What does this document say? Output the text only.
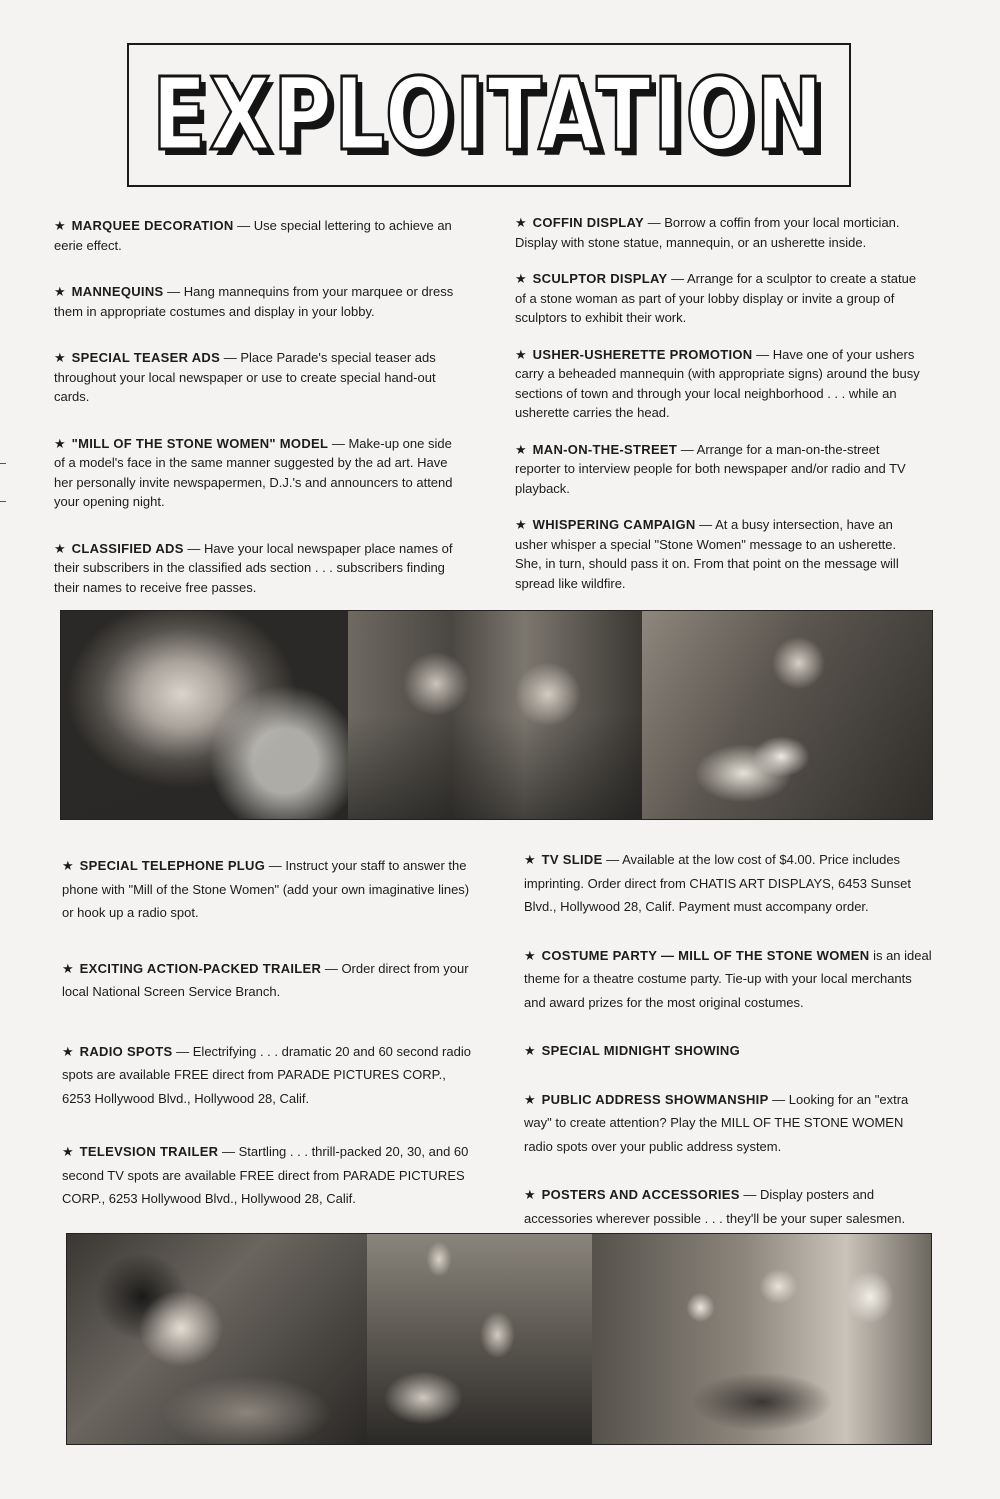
EXPLOITATION
★ MARQUEE DECORATION — Use special lettering to achieve an eerie effect.
★ MANNEQUINS — Hang mannequins from your marquee or dress them in appropriate costumes and display in your lobby.
★ SPECIAL TEASER ADS — Place Parade's special teaser ads throughout your local newspaper or use to create special hand-out cards.
★ "MILL OF THE STONE WOMEN" MODEL — Make-up one side of a model's face in the same manner suggested by the ad art. Have her personally invite newspapermen, D.J.'s and announcers to attend your opening night.
★ CLASSIFIED ADS — Have your local newspaper place names of their subscribers in the classified ads section . . . subscribers finding their names to receive free passes.
★ COFFIN DISPLAY — Borrow a coffin from your local mortician. Display with stone statue, mannequin, or an usherette inside.
★ SCULPTOR DISPLAY — Arrange for a sculptor to create a statue of a stone woman as part of your lobby display or invite a group of sculptors to exhibit their work.
★ USHER-USHERETTE PROMOTION — Have one of your ushers carry a beheaded mannequin (with appropriate signs) around the busy sections of town and through your local neighborhood . . . while an usherette carries the head.
★ MAN-ON-THE-STREET — Arrange for a man-on-the-street reporter to interview people for both newspaper and/or radio and TV playback.
★ WHISPERING CAMPAIGN — At a busy intersection, have an usher whisper a special "Stone Women" message to an usherette. She, in turn, should pass it on. From that point on the message will spread like wildfire.
★ SPECIAL TELEPHONE PLUG — Instruct your staff to answer the phone with "Mill of the Stone Women" (add your own imaginative lines) or hook up a radio spot.
★ EXCITING ACTION-PACKED TRAILER — Order direct from your local National Screen Service Branch.
★ RADIO SPOTS — Electrifying . . . dramatic 20 and 60 second radio spots are available FREE direct from PARADE PICTURES CORP., 6253 Hollywood Blvd., Hollywood 28, Calif.
★ TELEVSION TRAILER — Startling . . . thrill-packed 20, 30, and 60 second TV spots are available FREE direct from PARADE PICTURES CORP., 6253 Hollywood Blvd., Hollywood 28, Calif.
★ TV SLIDE — Available at the low cost of $4.00. Price includes imprinting. Order direct from CHATIS ART DISPLAYS, 6453 Sunset Blvd., Hollywood 28, Calif. Payment must accompany order.
★ COSTUME PARTY — MILL OF THE STONE WOMEN is an ideal theme for a theatre costume party. Tie-up with your local merchants and award prizes for the most original costumes.
★ SPECIAL MIDNIGHT SHOWING
★ PUBLIC ADDRESS SHOWMANSHIP — Looking for an "extra way" to create attention? Play the MILL OF THE STONE WOMEN radio spots over your public address system.
★ POSTERS AND ACCESSORIES — Display posters and accessories wherever possible . . . they'll be your super salesmen.
